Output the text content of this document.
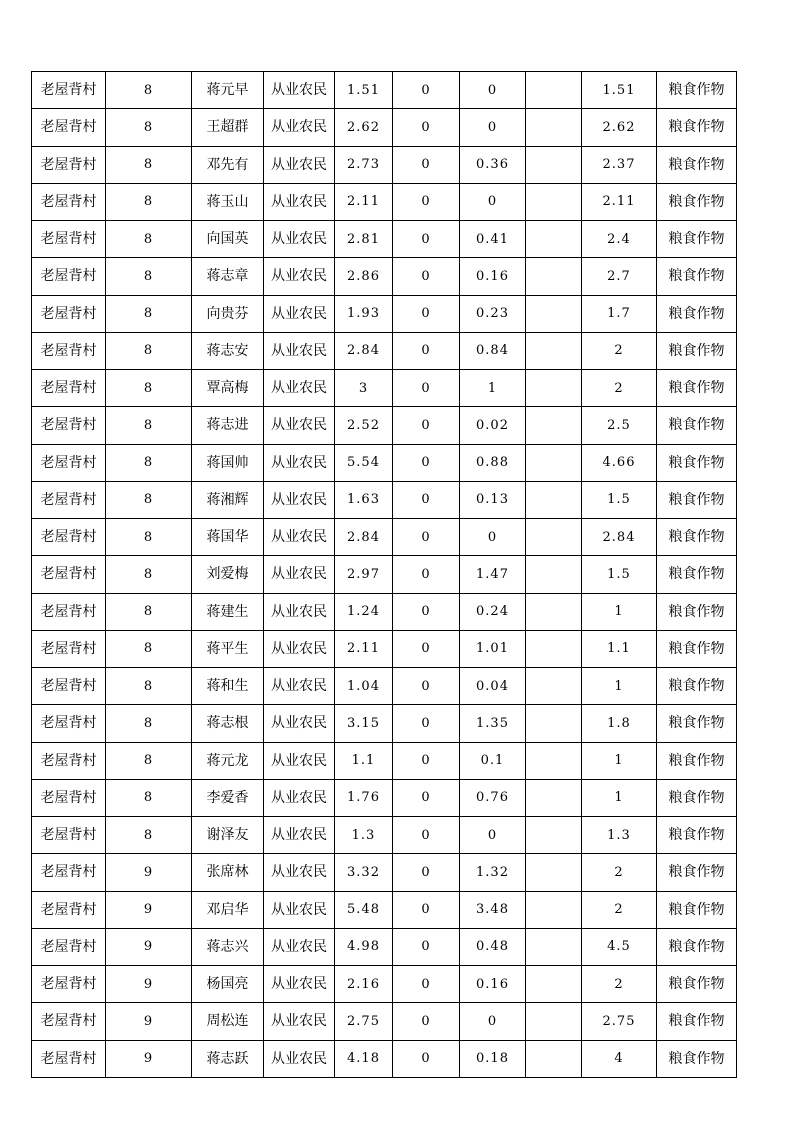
老屋背村	8	蒋元早	从业农民	1.51	0	0		1.51	粮食作物
老屋背村	8	王超群	从业农民	2.62	0	0		2.62	粮食作物
老屋背村	8	邓先有	从业农民	2.73	0	0.36		2.37	粮食作物
老屋背村	8	蒋玉山	从业农民	2.11	0	0		2.11	粮食作物
老屋背村	8	向国英	从业农民	2.81	0	0.41		2.4	粮食作物
老屋背村	8	蒋志章	从业农民	2.86	0	0.16		2.7	粮食作物
老屋背村	8	向贵芬	从业农民	1.93	0	0.23		1.7	粮食作物
老屋背村	8	蒋志安	从业农民	2.84	0	0.84		2	粮食作物
老屋背村	8	覃高梅	从业农民	3	0	1		2	粮食作物
老屋背村	8	蒋志进	从业农民	2.52	0	0.02		2.5	粮食作物
老屋背村	8	蒋国帅	从业农民	5.54	0	0.88		4.66	粮食作物
老屋背村	8	蒋湘辉	从业农民	1.63	0	0.13		1.5	粮食作物
老屋背村	8	蒋国华	从业农民	2.84	0	0		2.84	粮食作物
老屋背村	8	刘爱梅	从业农民	2.97	0	1.47		1.5	粮食作物
老屋背村	8	蒋建生	从业农民	1.24	0	0.24		1	粮食作物
老屋背村	8	蒋平生	从业农民	2.11	0	1.01		1.1	粮食作物
老屋背村	8	蒋和生	从业农民	1.04	0	0.04		1	粮食作物
老屋背村	8	蒋志根	从业农民	3.15	0	1.35		1.8	粮食作物
老屋背村	8	蒋元龙	从业农民	1.1	0	0.1		1	粮食作物
老屋背村	8	李爱香	从业农民	1.76	0	0.76		1	粮食作物
老屋背村	8	谢泽友	从业农民	1.3	0	0		1.3	粮食作物
老屋背村	9	张席林	从业农民	3.32	0	1.32		2	粮食作物
老屋背村	9	邓启华	从业农民	5.48	0	3.48		2	粮食作物
老屋背村	9	蒋志兴	从业农民	4.98	0	0.48		4.5	粮食作物
老屋背村	9	杨国亮	从业农民	2.16	0	0.16		2	粮食作物
老屋背村	9	周松连	从业农民	2.75	0	0		2.75	粮食作物
老屋背村	9	蒋志跃	从业农民	4.18	0	0.18		4	粮食作物
